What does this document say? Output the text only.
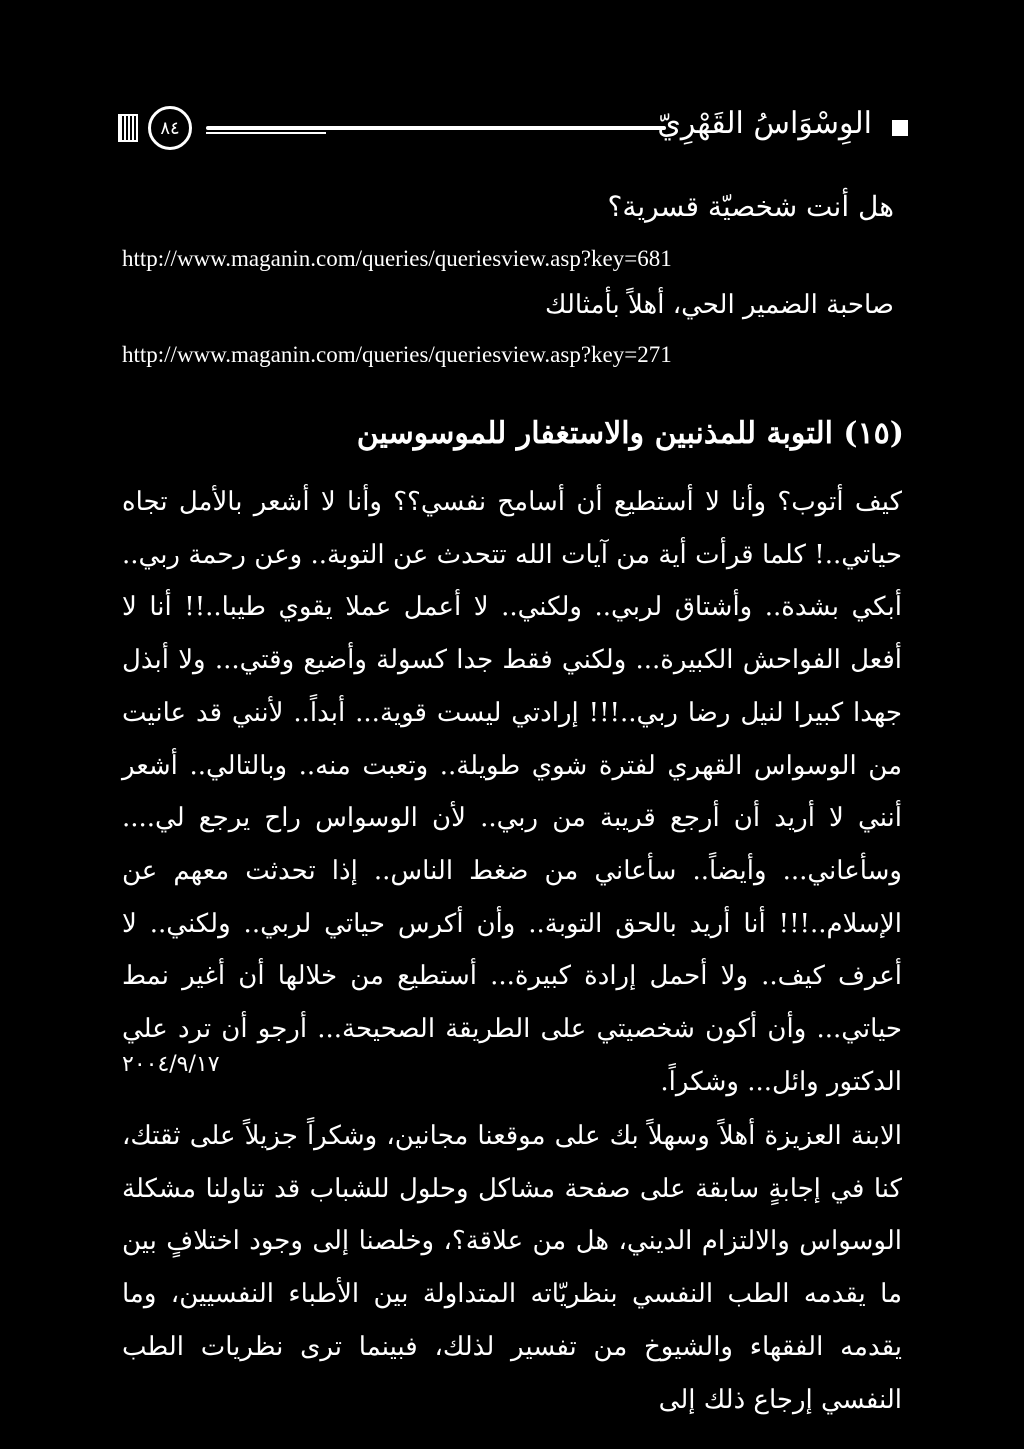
٨٤	الوِسْوَاسُ القَهْرِيّ
هل أنت شخصيّة قسرية؟
http://www.maganin.com/queries/queriesview.asp?key=681
صاحبة الضمير الحي، أهلاً بأمثالك
http://www.maganin.com/queries/queriesview.asp?key=271
(١٥) التوبة للمذنبين والاستغفار للموسوسين

كيف أتوب؟ وأنا لا أستطيع أن أسامح نفسي؟؟ وأنا لا أشعر بالأمل تجاه حياتي..! كلما قرأت أية من آيات الله تتحدث عن التوبة.. وعن رحمة ربي.. أبكي بشدة.. وأشتاق لربي.. ولكني.. لا أعمل عملا يقوي طيبا..!! أنا لا أفعل الفواحش الكبيرة... ولكني فقط جدا كسولة وأضيع وقتي... ولا أبذل جهدا كبيرا لنيل رضا ربي..!!! إرادتي ليست قوية... أبداً.. لأنني قد عانيت من الوسواس القهري لفترة شوي طويلة.. وتعبت منه.. وبالتالي.. أشعر أنني لا أريد أن أرجع قريبة من ربي.. لأن الوسواس راح يرجع لي.... وسأعاني... وأيضاً.. سأعاني من ضغط الناس.. إذا تحدثت معهم عن الإسلام..!!! أنا أريد بالحق التوبة.. وأن أكرس حياتي لربي.. ولكني.. لا أعرف كيف.. ولا أحمل إرادة كبيرة... أستطيع من خلالها أن أغير نمط حياتي... وأن أكون شخصيتي على الطريقة الصحيحة... أرجو أن ترد علي الدكتور وائل... وشكراً.

٢٠٠٤/٩/١٧

الابنة العزيزة أهلاً وسهلاً بك على موقعنا مجانين، وشكراً جزيلاً على ثقتك، كنا في إجابةٍ سابقة على صفحة مشاكل وحلول للشباب قد تناولنا مشكلة الوسواس والالتزام الديني، هل من علاقة؟، وخلصنا إلى وجود اختلافٍ بين ما يقدمه الطب النفسي بنظريّاته المتداولة بين الأطباء النفسيين، وما يقدمه الفقهاء والشيوخ من تفسير لذلك، فبينما ترى نظريات الطب النفسي إرجاع ذلك إلى
